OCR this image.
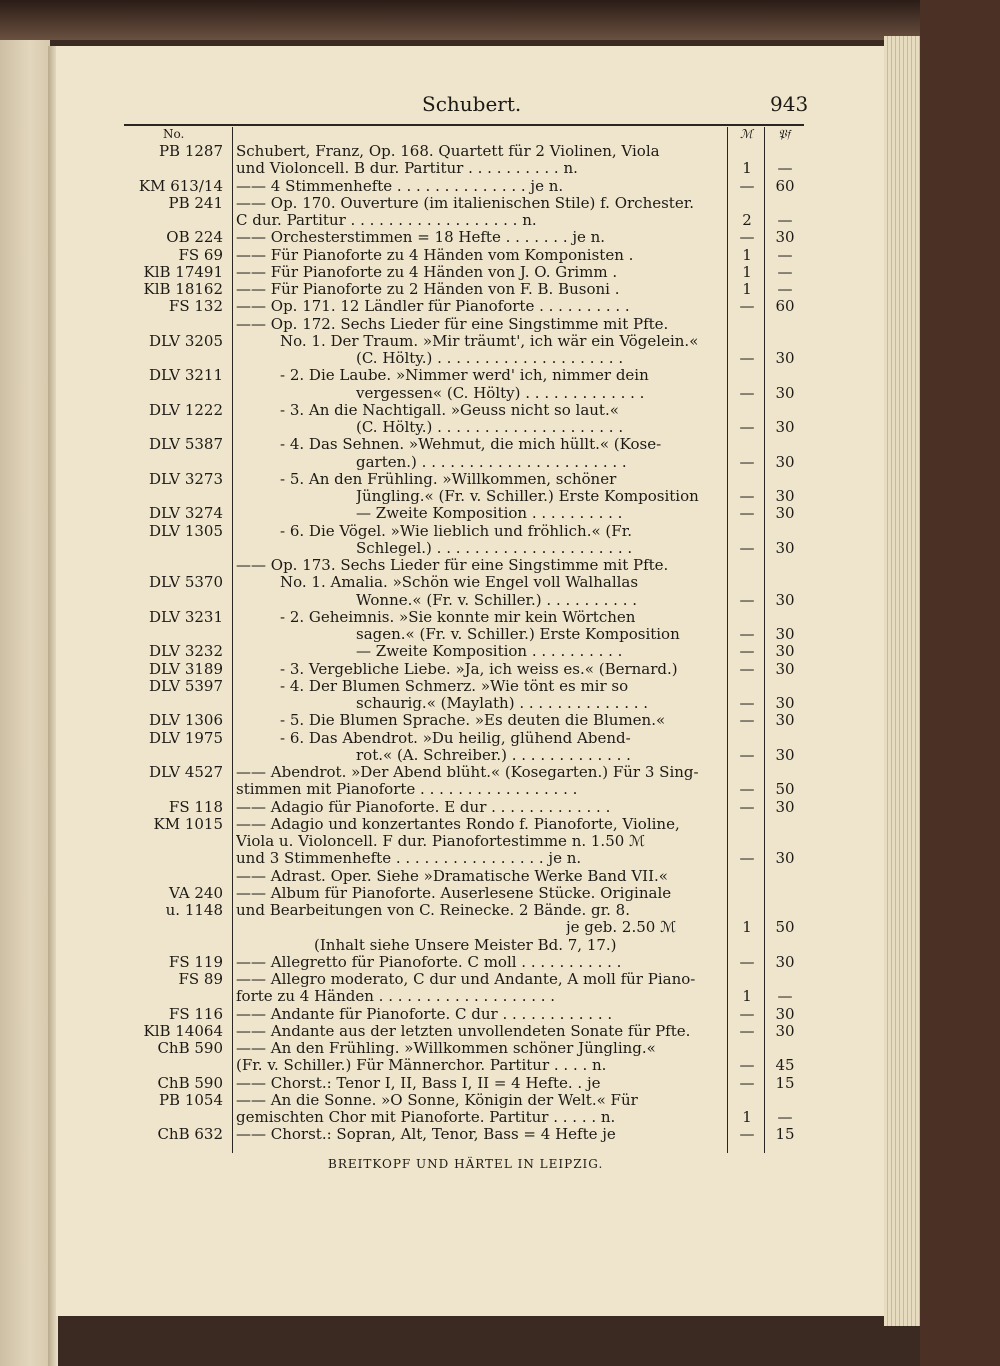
Schubert.	943
No.	ℳ 𝔓𝔣
PB 1287 Schubert, Franz, Op. 168. Quartett für 2 Violinen, Viola
und Violoncell. B dur. Partitur . . . . . . . . . . n.	1	—
KM 613/14 —— 4 Stimmenhefte . . . . . . . . . . . . . . je n.	—	60
PB 241 —— Op. 170. Ouverture (im italienischen Stile) f. Orchester.
C dur. Partitur . . . . . . . . . . . . . . . . . . n.	2	—
OB 224 —— Orchesterstimmen = 18 Hefte . . . . . . . je n.	—	30
FS 69 —— Für Pianoforte zu 4 Händen vom Komponisten .	1	—
KlB 17491 —— Für Pianoforte zu 4 Händen von J. O. Grimm .	1	—
KlB 18162 —— Für Pianoforte zu 2 Händen von F. B. Busoni .	1	—
FS 132 —— Op. 171. 12 Ländler für Pianoforte . . . . . . . . . .	—	60
—— Op. 172. Sechs Lieder für eine Singstimme mit Pfte.
DLV 3205	No. 1. Der Traum. »Mir träumt', ich wär ein Vögelein.«
(C. Hölty.) . . . . . . . . . . . . . . . . . . . .	—	30
DLV 3211	- 2. Die Laube. »Nimmer werd' ich, nimmer dein
vergessen« (C. Hölty) . . . . . . . . . . . . .	—	30
DLV 1222	- 3. An die Nachtigall. »Geuss nicht so laut.«
(C. Hölty.) . . . . . . . . . . . . . . . . . . . .	—	30
DLV 5387	- 4. Das Sehnen. »Wehmut, die mich hüllt.« (Kose-
garten.) . . . . . . . . . . . . . . . . . . . . . .	—	30
DLV 3273	- 5. An den Frühling. »Willkommen, schöner
Jüngling.« (Fr. v. Schiller.) Erste Komposition	—	30
DLV 3274	— Zweite Komposition . . . . . . . . . .	—	30
DLV 1305	- 6. Die Vögel. »Wie lieblich und fröhlich.« (Fr.
Schlegel.) . . . . . . . . . . . . . . . . . . . . .	—	30
—— Op. 173. Sechs Lieder für eine Singstimme mit Pfte.
DLV 5370	No. 1. Amalia. »Schön wie Engel voll Walhallas
Wonne.« (Fr. v. Schiller.) . . . . . . . . . .	—	30
DLV 3231	- 2. Geheimnis. »Sie konnte mir kein Wörtchen
sagen.« (Fr. v. Schiller.) Erste Komposition	—	30
DLV 3232	— Zweite Komposition . . . . . . . . . .	—	30
DLV 3189	- 3. Vergebliche Liebe. »Ja, ich weiss es.« (Bernard.)	—	30
DLV 5397	- 4. Der Blumen Schmerz. »Wie tönt es mir so
schaurig.« (Maylath) . . . . . . . . . . . . . .	—	30
DLV 1306	- 5. Die Blumen Sprache. »Es deuten die Blumen.«	—	30
DLV 1975	- 6. Das Abendrot. »Du heilig, glühend Abend-
rot.« (A. Schreiber.) . . . . . . . . . . . . .	—	30
DLV 4527 —— Abendrot. »Der Abend blüht.« (Kosegarten.) Für 3 Sing-
stimmen mit Pianoforte . . . . . . . . . . . . . . . . .	—	50
FS 118 —— Adagio für Pianoforte. E dur . . . . . . . . . . . . .	—	30
KM 1015 —— Adagio und konzertantes Rondo f. Pianoforte, Violine,
Viola u. Violoncell. F dur. Pianofortestimme n. 1.50 ℳ
und 3 Stimmenhefte . . . . . . . . . . . . . . . . je n.	—	30
—— Adrast. Oper. Siehe »Dramatische Werke Band VII.«
VA 240 —— Album für Pianoforte. Auserlesene Stücke. Originale
u. 1148 und Bearbeitungen von C. Reinecke. 2 Bände. gr. 8.
je geb. 2.50 ℳ	1	50
(Inhalt siehe Unsere Meister Bd. 7, 17.)
FS 119 —— Allegretto für Pianoforte. C moll . . . . . . . . . . .	—	30
FS 89 —— Allegro moderato, C dur und Andante, A moll für Piano-
forte zu 4 Händen . . . . . . . . . . . . . . . . . . .	1	—
FS 116 —— Andante für Pianoforte. C dur . . . . . . . . . . . .	—	30
KlB 14064 —— Andante aus der letzten unvollendeten Sonate für Pfte.	—	30
ChB 590 —— An den Frühling. »Willkommen schöner Jüngling.«
(Fr. v. Schiller.) Für Männerchor. Partitur . . . . n.	—	45
ChB 590 —— Chorst.: Tenor I, II, Bass I, II = 4 Hefte. . je	—	15
PB 1054 —— An die Sonne. »O Sonne, Königin der Welt.« Für
gemischten Chor mit Pianoforte. Partitur . . . . . n.	1	—
ChB 632 —— Chorst.: Sopran, Alt, Tenor, Bass = 4 Hefte je	—	15
BREITKOPF UND HÄRTEL IN LEIPZIG.
